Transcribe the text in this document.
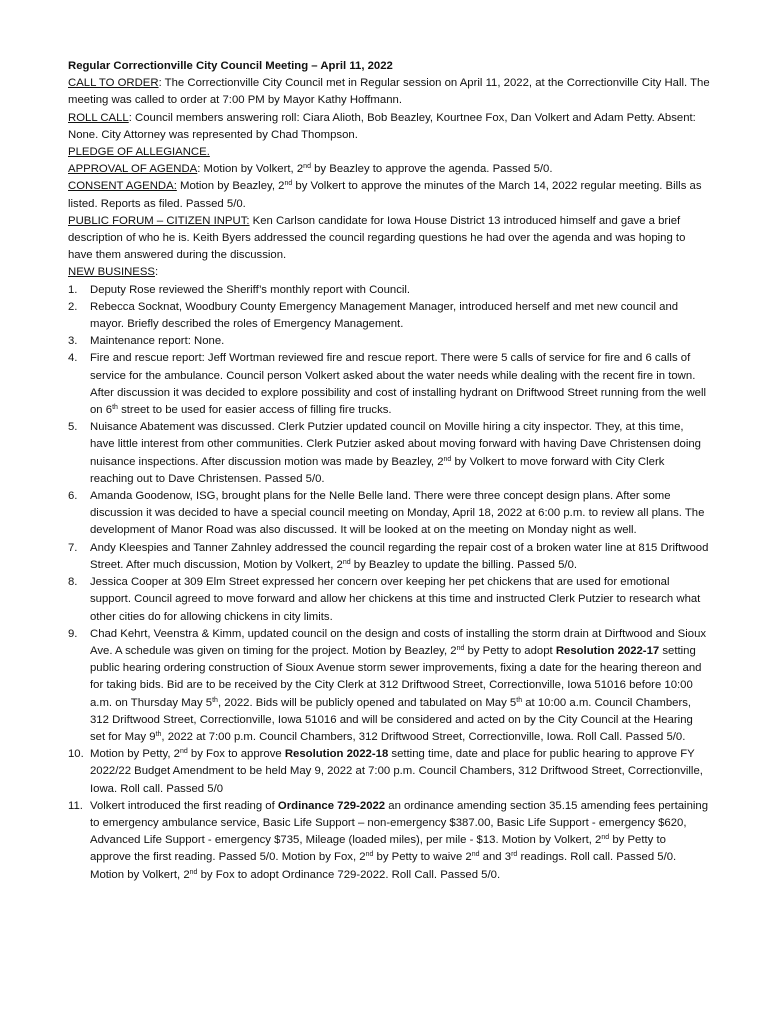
Regular Correctionville City Council Meeting – April 11, 2022

CALL TO ORDER: The Correctionville City Council met in Regular session on April 11, 2022, at the Correctionville City Hall. The meeting was called to order at 7:00 PM by Mayor Kathy Hoffmann.

ROLL CALL: Council members answering roll: Ciara Alioth, Bob Beazley, Kourtnee Fox, Dan Volkert and Adam Petty. Absent: None. City Attorney was represented by Chad Thompson.

PLEDGE OF ALLEGIANCE.

APPROVAL OF AGENDA: Motion by Volkert, 2nd by Beazley to approve the agenda. Passed 5/0.

CONSENT AGENDA: Motion by Beazley, 2nd by Volkert to approve the minutes of the March 14, 2022 regular meeting. Bills as listed. Reports as filed. Passed 5/0.

PUBLIC FORUM – CITIZEN INPUT: Ken Carlson candidate for Iowa House District 13 introduced himself and gave a brief description of who he is. Keith Byers addressed the council regarding questions he had over the agenda and was hoping to have them answered during the discussion.

NEW BUSINESS:

1. Deputy Rose reviewed the Sheriff’s monthly report with Council.
2. Rebecca Socknat, Woodbury County Emergency Management Manager, introduced herself and met new council and mayor. Briefly described the roles of Emergency Management.
3. Maintenance report: None.
4. Fire and rescue report: Jeff Wortman reviewed fire and rescue report. There were 5 calls of service for fire and 6 calls of service for the ambulance. Council person Volkert asked about the water needs while dealing with the recent fire in town. After discussion it was decided to explore possibility and cost of installing hydrant on Driftwood Street running from the well on 6th street to be used for easier access of filling fire trucks.
5. Nuisance Abatement was discussed. Clerk Putzier updated council on Moville hiring a city inspector. They, at this time, have little interest from other communities. Clerk Putzier asked about moving forward with having Dave Christensen doing nuisance inspections. After discussion motion was made by Beazley, 2nd by Volkert to move forward with City Clerk reaching out to Dave Christensen. Passed 5/0.
6. Amanda Goodenow, ISG, brought plans for the Nelle Belle land. There were three concept design plans. After some discussion it was decided to have a special council meeting on Monday, April 18, 2022 at 6:00 p.m. to review all plans. The development of Manor Road was also discussed. It will be looked at on the meeting on Monday night as well.
7. Andy Kleespies and Tanner Zahnley addressed the council regarding the repair cost of a broken water line at 815 Driftwood Street. After much discussion, Motion by Volkert, 2nd by Beazley to update the billing. Passed 5/0.
8. Jessica Cooper at 309 Elm Street expressed her concern over keeping her pet chickens that are used for emotional support. Council agreed to move forward and allow her chickens at this time and instructed Clerk Putzier to research what other cities do for allowing chickens in city limits.
9. Chad Kehrt, Veenstra & Kimm, updated council on the design and costs of installing the storm drain at Dirftwood and Sioux Ave. A schedule was given on timing for the project. Motion by Beazley, 2nd by Petty to adopt Resolution 2022-17 setting public hearing ordering construction of Sioux Avenue storm sewer improvements, fixing a date for the hearing thereon and for taking bids. Bid are to be received by the City Clerk at 312 Driftwood Street, Correctionville, Iowa 51016 before 10:00 a.m. on Thursday May 5th, 2022. Bids will be publicly opened and tabulated on May 5th at 10:00 a.m. Council Chambers, 312 Driftwood Street, Correctionville, Iowa 51016 and will be considered and acted on by the City Council at the Hearing set for May 9th, 2022 at 7:00 p.m. Council Chambers, 312 Driftwood Street, Correctionville, Iowa. Roll Call. Passed 5/0.
10. Motion by Petty, 2nd by Fox to approve Resolution 2022-18 setting time, date and place for public hearing to approve FY 2022/22 Budget Amendment to be held May 9, 2022 at 7:00 p.m. Council Chambers, 312 Driftwood Street, Correctionville, Iowa. Roll call. Passed 5/0
11. Volkert introduced the first reading of Ordinance 729-2022 an ordinance amending section 35.15 amending fees pertaining to emergency ambulance service, Basic Life Support – non-emergency $387.00, Basic Life Support - emergency $620, Advanced Life Support - emergency $735, Mileage (loaded miles), per mile - $13. Motion by Volkert, 2nd by Petty to approve the first reading. Passed 5/0. Motion by Fox, 2nd by Petty to waive 2nd and 3rd readings. Roll call. Passed 5/0. Motion by Volkert, 2nd by Fox to adopt Ordinance 729-2022. Roll Call. Passed 5/0.
